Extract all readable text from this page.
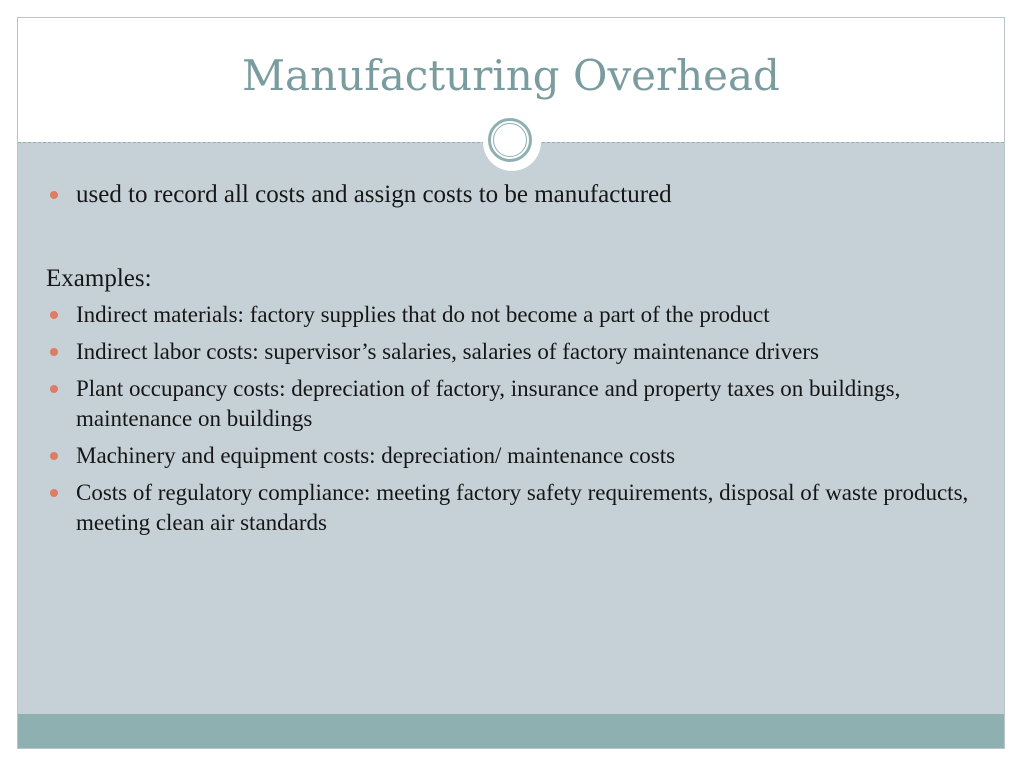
Manufacturing Overhead
used to record all costs and assign costs to be manufactured
Examples:
Indirect materials: factory supplies that do not become a part of the product
Indirect labor costs: supervisor’s salaries, salaries of factory maintenance drivers
Plant occupancy costs: depreciation of factory, insurance and property taxes on buildings, maintenance on buildings
Machinery and equipment costs: depreciation/ maintenance costs
Costs of regulatory compliance: meeting factory safety requirements, disposal of waste products, meeting clean air standards
